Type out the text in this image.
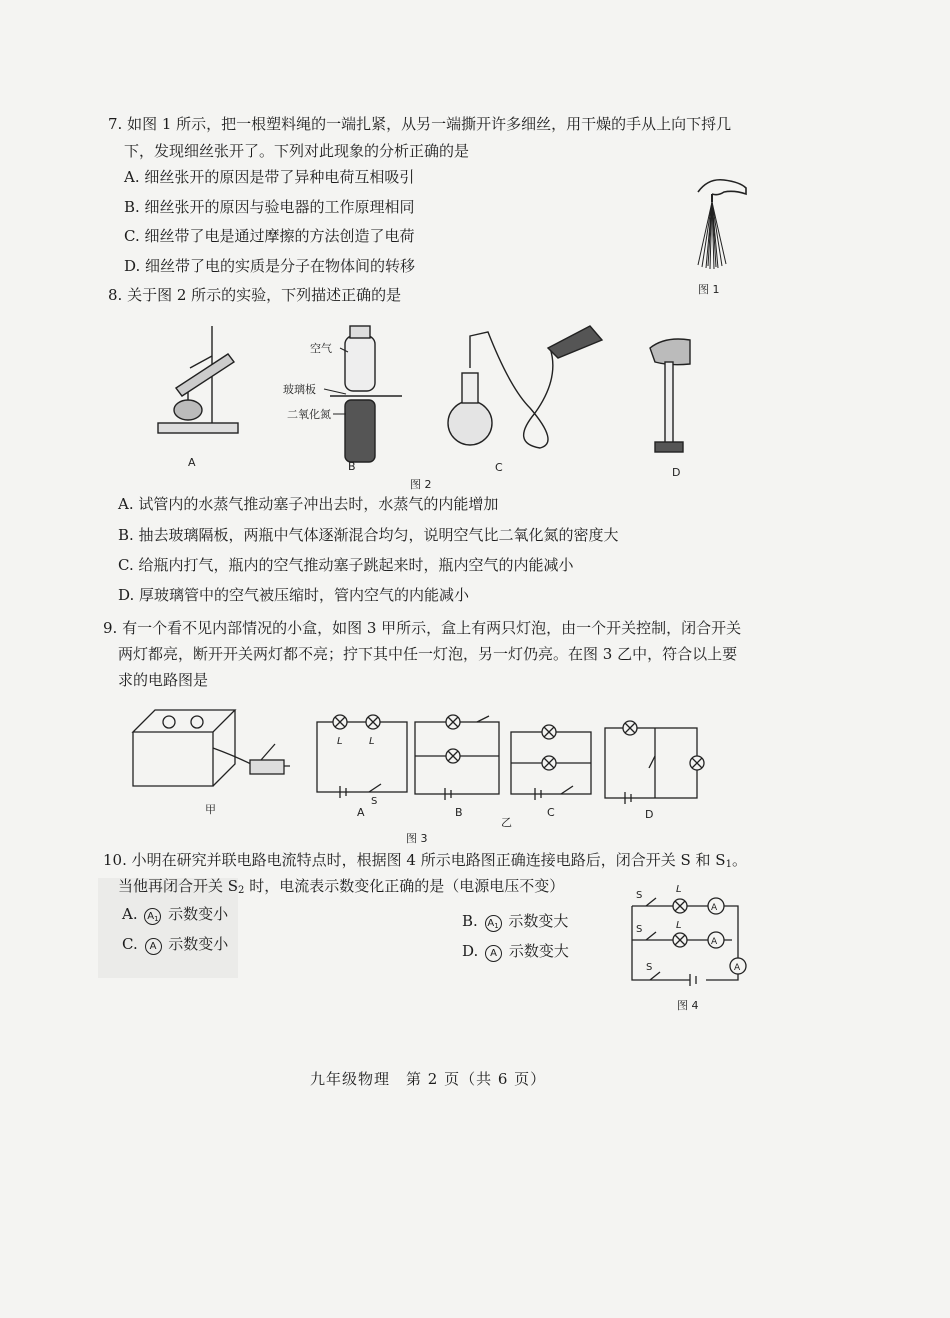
7. 如图 1 所示，把一根塑料绳的一端扎紧，从另一端撕开许多细丝，用干燥的手从上向下捋几
下，发现细丝张开了。下列对此现象的分析正确的是
A. 细丝张开的原因是带了异种电荷互相吸引
B. 细丝张开的原因与验电器的工作原理相同
C. 细丝带了电是通过摩擦的方法创造了电荷
D. 细丝带了电的实质是分子在物体间的转移
图 1
8. 关于图 2 所示的实验，下列描述正确的是
空气
玻璃板
二氧化氮
A	B	C	D
图 2
A. 试管内的水蒸气推动塞子冲出去时，水蒸气的内能增加
B. 抽去玻璃隔板，两瓶中气体逐渐混合均匀，说明空气比二氧化氮的密度大
C. 给瓶内打气，瓶内的空气推动塞子跳起来时，瓶内空气的内能减小
D. 厚玻璃管中的空气被压缩时，管内空气的内能减小
9. 有一个看不见内部情况的小盒，如图 3 甲所示，盒上有两只灯泡，由一个开关控制，闭合开关
两灯都亮，断开开关两灯都不亮；拧下其中任一灯泡，另一灯仍亮。在图 3 乙中，符合以上要
求的电路图是
甲	A	B	C
乙
D
S
L	L
图 3
10. 小明在研究并联电路电流特点时，根据图 4 所示电路图正确连接电路后，闭合开关 S 和 $S_1$。
当他再闭合开关 $S_2$ 时，电流表示数变化正确的是（电源电压不变）
A. $A_1$ 示数变小
C. A 示数变小
B. $A_1$ 示数变大
D. A 示数变大
S
L
A
S	L
A
S	A
图 4
九年级物理　第 2 页（共 6 页）
